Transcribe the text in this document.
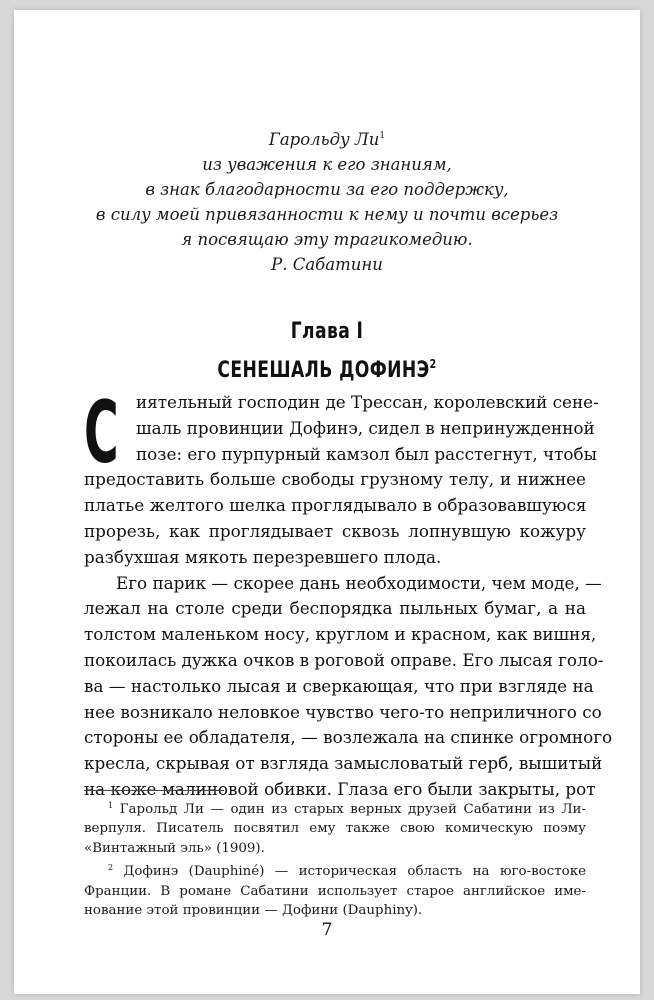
Гарольду $Ли^1$
из уважения к его знаниям,
в знак благодарности за его поддержку,
в силу моей привязанности к нему и почти всерьез
я посвящаю эту трагикомедию.
Р. Сабатини
Глава I
СЕНЕШАЛЬ ДОФИНЭ$^2$
С	иятельный господин де Трессан, королевский сене-
шаль провинции Дофинэ, сидел в непринужденной
позе: его пурпурный камзол был расстегнут, чтобы
предоставить больше свободы грузному телу, и нижнее
платье желтого шелка проглядывало в образовавшуюся
прорезь, как проглядывает сквозь лопнувшую кожуру
разбухшая мякоть перезревшего плода.
Его парик — скорее дань необходимости, чем моде, —
лежал на столе среди беспорядка пыльных бумаг, а на
толстом маленьком носу, круглом и красном, как вишня,
покоилась дужка очков в роговой оправе. Его лысая голо-
ва — настолько лысая и сверкающая, что при взгляде на
нее возникало неловкое чувство чего-то неприличного со
стороны ее обладателя, — возлежала на спинке огромного
кресла, скрывая от взгляда замысловатый герб, вышитый
на коже малиновой обивки. Глаза его были закрыты, рот
$^1$ Гарольд Ли — один из старых верных друзей Сабатини из Ли-
верпуля. Писатель посвятил ему также свою комическую поэму
«Винтажный эль» (1909).
$^2$ Дофинэ (Dauphiné) — историческая область на юго-востоке
Франции. В романе Сабатини использует старое английское име-
нование этой провинции — Дофини (Dauphiny).
7
